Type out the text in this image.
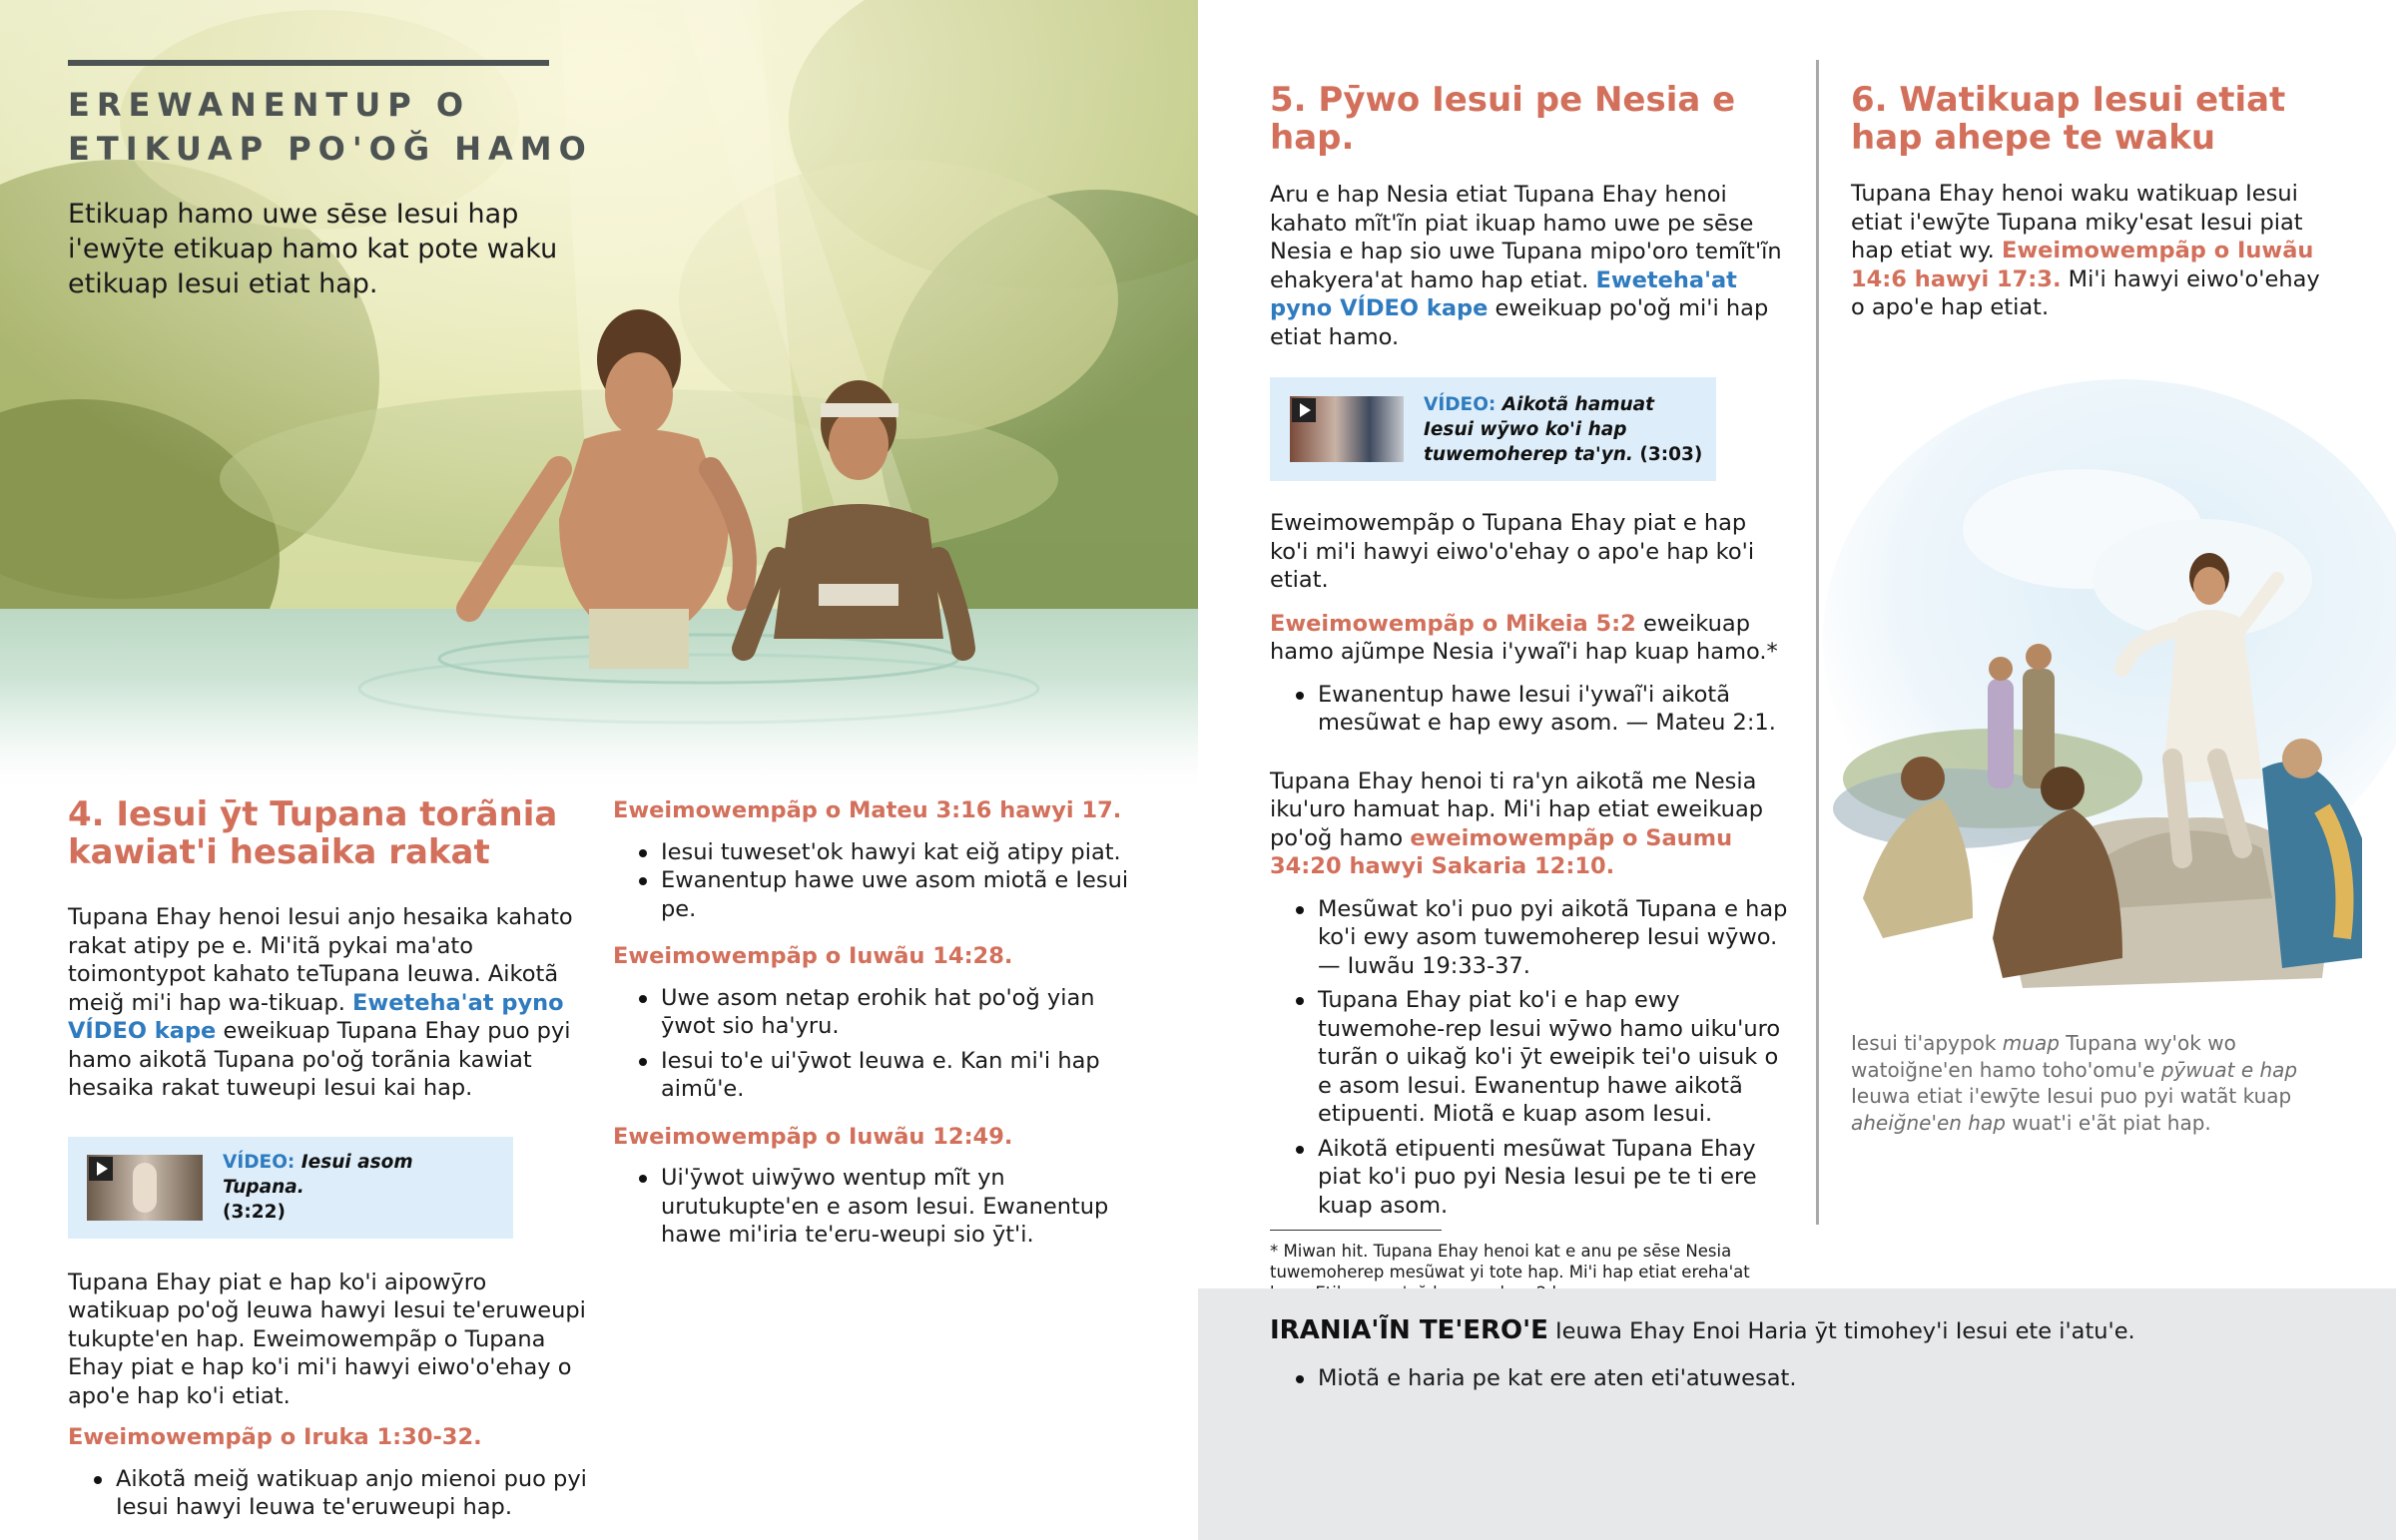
EREWANENTUP O
ETIKUAP PO'OĞ HAMO

Etikuap hamo uwe sēse Iesui hap i'ewȳte etikuap hamo kat pote waku etikuap Iesui etiat hap.

4. Iesui ȳt Tupana torãnia kawiat'i hesaika rakat

Tupana Ehay henoi Iesui anjo hesaika kahato rakat atipy pe e. Mi'itã pykai ma'ato toimontypot kahato teTupana Ieuwa. Aikotã meiğ mi'i hap wa-tikuap. Eweteha'at pyno VÍDEO kape eweikuap Tupana Ehay puo pyi hamo aikotã Tupana po'oğ torãnia kawiat hesaika rakat tuweupi Iesui kai hap.

VÍDEO: Iesui asom Tupana.
(3:22)

Tupana Ehay piat e hap ko'i aipowȳro watikuap po'oğ Ieuwa hawyi Iesui te'eruweupi tukupte'en hap. Eweimowempãp o Tupana Ehay piat e hap ko'i mi'i hawyi eiwo'o'ehay o apo'e hap ko'i etiat.

Eweimowempãp o Iruka 1:30-32.

Aikotã meiğ watikuap anjo mienoi puo pyi Iesui hawyi Ieuwa te'eruweupi hap.

Eweimowempãp o Mateu 3:16 hawyi 17.

Iesui tuweset'ok hawyi kat eiğ atipy piat.
Ewanentup hawe uwe asom miotã e Iesui pe.

Eweimowempãp o Iuwãu 14:28.

Uwe asom netap erohik hat po'oğ yian ȳwot sio ha'yru.
Iesui to'e ui'ȳwot Ieuwa e. Kan mi'i hap aimũ'e.

Eweimowempãp o Iuwãu 12:49.

Ui'ȳwot uiwȳwo wentup mĩt yn urutukupte'en e asom Iesui. Ewanentup hawe mi'iria te'eru-weupi sio ȳt'i.
5. Pȳwo Iesui pe Nesia e hap.

Aru e hap Nesia etiat Tupana Ehay henoi kahato mĩt'ĩn piat ikuap hamo uwe pe sēse Nesia e hap sio uwe Tupana mipo'oro temĩt'ĩn ehakyera'at hamo hap etiat. Eweteha'at pyno VÍDEO kape eweikuap po'oğ mi'i hap etiat hamo.

VÍDEO: Aikotã hamuat Iesui wȳwo ko'i hap tuwemoherep ta'yn. (3:03)

Eweimowempãp o Tupana Ehay piat e hap ko'i mi'i hawyi eiwo'o'ehay o apo'e hap ko'i etiat.

Eweimowempãp o Mikeia 5:2 eweikuap hamo ajũmpe Nesia i'ywaĩ'i hap kuap hamo.*

Ewanentup hawe Iesui i'ywaĩ'i aikotã mesũwat e hap ewy asom. — Mateu 2:1.

Tupana Ehay henoi ti ra'yn aikotã me Nesia iku'uro hamuat hap. Mi'i hap etiat eweikuap po'oğ hamo eweimowempãp o Saumu 34:20 hawyi Sakaria 12:10.

Mesũwat ko'i puo pyi aikotã Tupana e hap ko'i ewy asom tuwemoherep Iesui wȳwo. — Iuwãu 19:33-37.
Tupana Ehay piat ko'i e hap ewy tuwemohe-rep Iesui wȳwo hamo uiku'uro turãn o uikağ ko'i ȳt eweipik tei'o uisuk o e asom Iesui. Ewanentup hawe aikotã etipuenti. Miotã e kuap asom Iesui.
Aikotã etipuenti mesũwat Tupana Ehay piat ko'i puo pyi Nesia Iesui pe te ti ere kuap asom.

* Miwan hit. Tupana Ehay henoi kat e anu pe sēse Nesia tuwemoherep mesũwat yi tote hap. Mi'i hap etiat ereha'at

6. Watikuap Iesui etiat hap ahepe te waku

Tupana Ehay henoi waku watikuap Iesui etiat i'ewȳte Tupana miky'esat Iesui piat hap etiat wy. Eweimowempãp o Iuwãu 14:6 hawyi 17:3. Mi'i hawyi eiwo'o'ehay o apo'e hap etiat.

Iesui ti'apypok muap Tupana wy'ok wo watoiğne'en hamo toho'omu'e pȳwuat e hap Ieuwa etiat i'ewȳte Iesui puo pyi watãt kuap aheiğne'en hap wuat'i e'ãt piat hap.

IRANIA'ĨN TE'ERO'E Ieuwa Ehay Enoi Haria ȳt timohey'i Iesui ete i'atu'e.

Miotã e haria pe kat ere aten eti'atuwesat.
